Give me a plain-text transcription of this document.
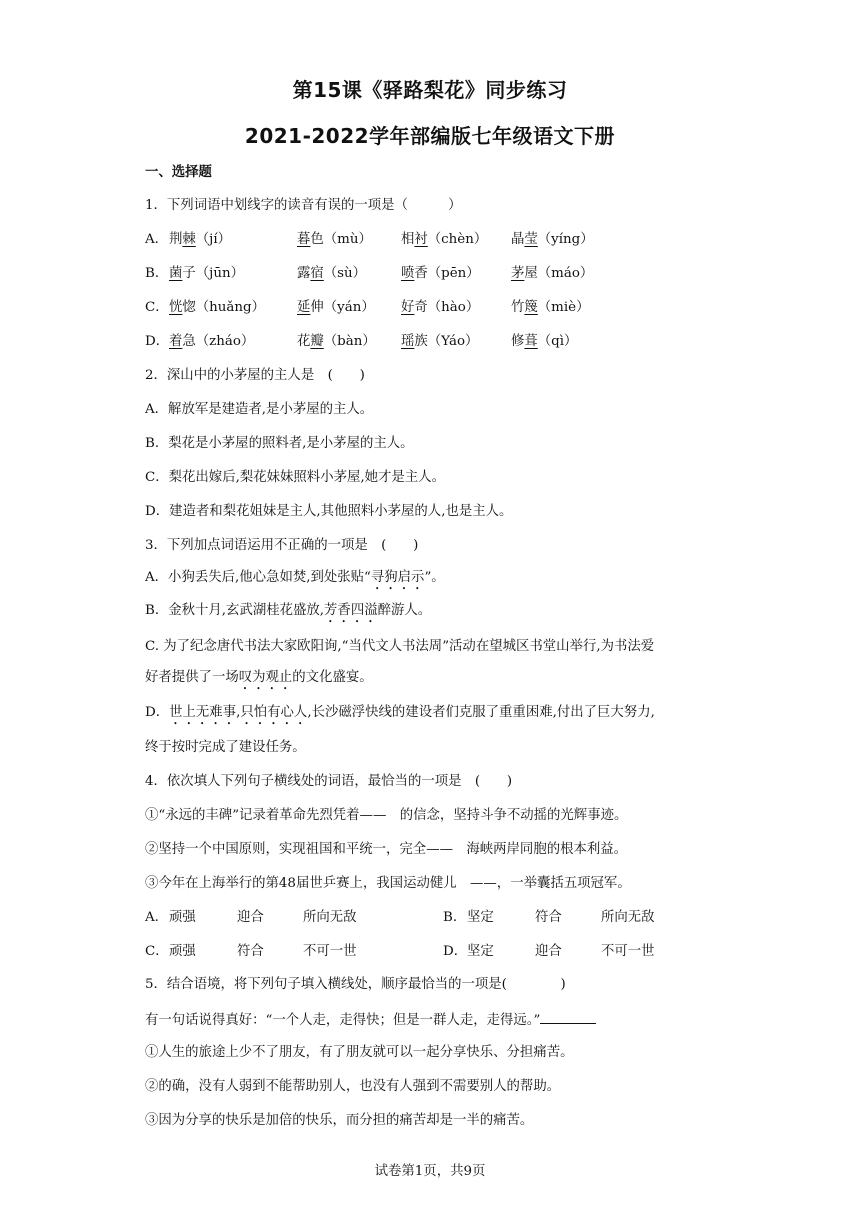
第15课《驿路梨花》同步练习
2021-2022学年部编版七年级语文下册
一、选择题
1．下列词语中划线字的读音有误的一项是（　　　）
A． 荆棘（jí）	暮色（mù） 相衬（chèn） 晶莹（yíng）
B． 菌子（jūn）	露宿（sù）	喷香（pēn） 茅屋（máo）
C． 恍惚（huǎng） 延伸（yán） 好奇（hào） 竹篾（miè）
D． 着急（zháo）	花瓣（bàn） 瑶族（Yáo） 修葺（qì）
2．深山中的小茅屋的主人是　(　　)
A．解放军是建造者,是小茅屋的主人。
B．梨花是小茅屋的照料者,是小茅屋的主人。
C．梨花出嫁后,梨花妹妹照料小茅屋,她才是主人。
D．建造者和梨花姐妹是主人,其他照料小茅屋的人,也是主人。
3．下列加点词语运用不正确的一项是　(　　)
A．小狗丢失后,他心急如焚,到处张贴“寻狗启示”。
B．金秋十月,玄武湖桂花盛放,芳香四溢醉游人。
C. 为了纪念唐代书法大家欧阳询,“当代文人书法周”活动在望城区书堂山举行,为书法爱
好者提供了一场叹为观止的文化盛宴。
D．世上无难事,只怕有心人,长沙磁浮快线的建设者们克服了重重困难,付出了巨大努力,
终于按时完成了建设任务。
4．依次填人下列句子横线处的词语，最恰当的一项是　(　　)
①“永远的丰碑”记录着革命先烈凭着——　的信念，坚持斗争不动摇的光辉事迹。
②坚持一个中国原则，实现祖国和平统一，完全——　海峡两岸同胞的根本利益。
③今年在上海举行的第48届世乒赛上，我国运动健儿　——，一举囊括五项冠军。
A． 顽强	迎合	所向无敌	B． 坚定	符合	所向无敌
C． 顽强	符合	不可一世	D． 坚定	迎合	不可一世
5．结合语境，将下列句子填入横线处，顺序最恰当的一项是(　　　　)
有一句话说得真好：“一个人走，走得快；但是一群人走，走得远。”
①人生的旅途上少不了朋友，有了朋友就可以一起分享快乐、分担痛苦。
②的确，没有人弱到不能帮助别人，也没有人强到不需要别人的帮助。
③因为分享的快乐是加倍的快乐，而分担的痛苦却是一半的痛苦。
试卷第1页，共9页
